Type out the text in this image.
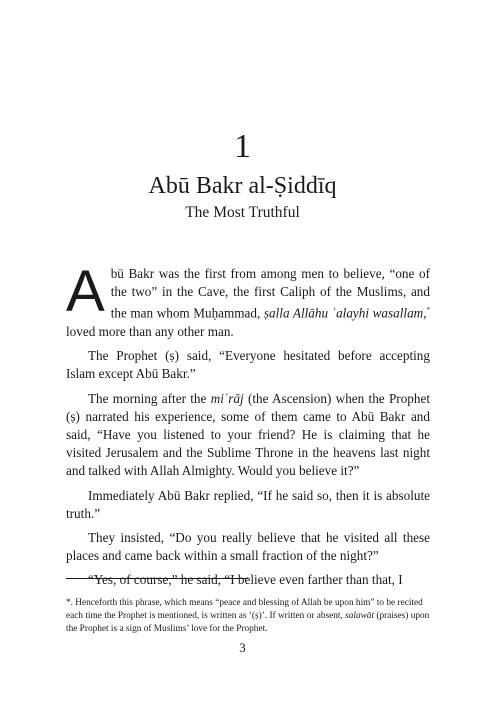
1
Abū Bakr al-Ṣiddīq
The Most Truthful

Abū Bakr was the first from among men to believe, “one of the two” in the Cave, the first Caliph of the Muslims, and the man whom Muḥammad, ṣalla Allāhu ʿalayhi wasallam,* loved more than any other man.

The Prophet (ṣ) said, “Everyone hesitated before accepting Islam except Abū Bakr.”

The morning after the miʿrāj (the Ascension) when the Prophet (ṣ) narrated his experience, some of them came to Abū Bakr and said, “Have you listened to your friend? He is claiming that he visited Jerusalem and the Sublime Throne in the heavens last night and talked with Allah Almighty. Would you believe it?”

Immediately Abū Bakr replied, “If he said so, then it is absolute truth.”

They insisted, “Do you really believe that he visited all these places and came back within a small fraction of the night?”

“Yes, of course,” he said, “I believe even farther than that, I

*. Henceforth this phrase, which means “peace and blessing of Allah be upon him” to be recited each time the Prophet is mentioned, is written as ‘(ṣ)’. If written or absent, salawāt (praises) upon the Prophet is a sign of Muslims’ love for the Prophet.
3
